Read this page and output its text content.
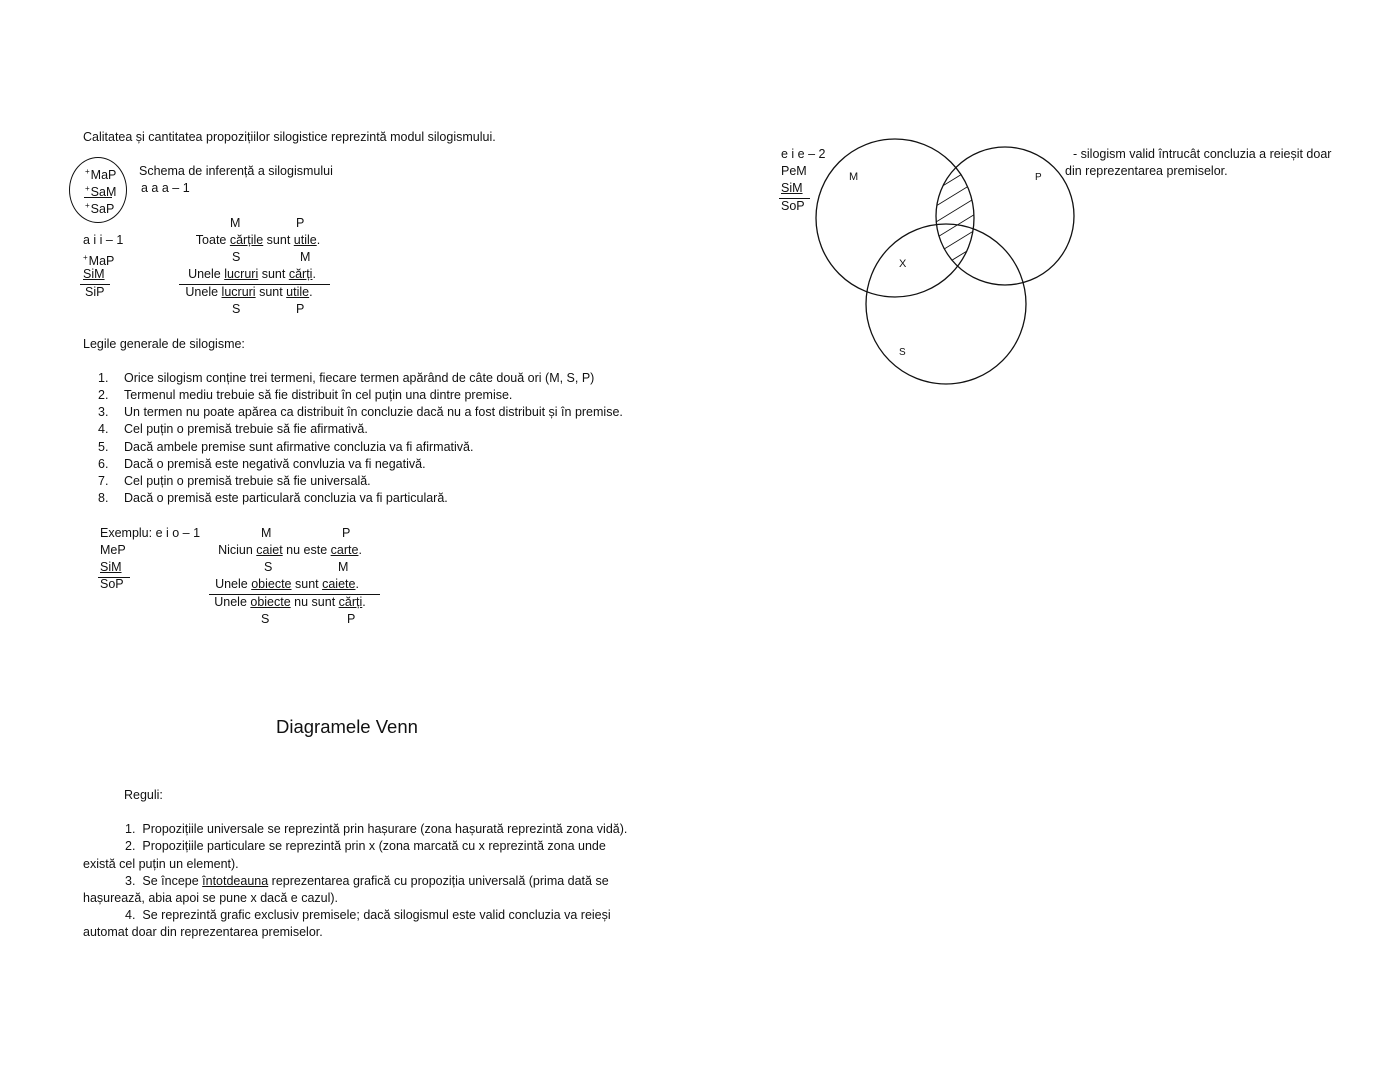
Calitatea și cantitatea propozițiilor silogistice reprezintă modul silogismului.
+MaP
+SaM
+SaP
Schema de inferență a silogismului
a a a – 1
a i i – 1
+MaP
SiM
SiP
M	P
Toate cărțile sunt utile.
S	M
Unele lucruri sunt cărți.
Unele lucruri sunt utile.
S	P
Legile generale de silogisme:
1. Orice silogism conține trei termeni, fiecare termen apărând de câte două ori (M, S, P)
2. Termenul mediu trebuie să fie distribuit în cel puțin una dintre premise.
3. Un termen nu poate apărea ca distribuit în concluzie dacă nu a fost distribuit și în premise.
4. Cel puțin o premisă trebuie să fie afirmativă.
5. Dacă ambele premise sunt afirmative concluzia va fi afirmativă.
6. Dacă o premisă este negativă convluzia va fi negativă.
7. Cel puțin o premisă trebuie să fie universală.
8. Dacă o premisă este particulară concluzia va fi particulară.
Exemplu: e i o – 1
MeP
SiM
SoP
M	P
Niciun caiet nu este carte.
S	M
Unele obiecte sunt caiete.
Unele obiecte nu sunt cărți.
S	P
Diagramele Venn
Reguli:
1. Propozițiile universale se reprezintă prin hașurare (zona hașurată reprezintă zona vidă).
2. Propozițiile particulare se reprezintă prin x (zona marcată cu x reprezintă zona unde
există cel puțin un element).
3. Se începe întotdeauna reprezentarea grafică cu propoziția universală (prima dată se
hașurează, abia apoi se pune x dacă e cazul).
4. Se reprezintă grafic exclusiv premisele; dacă silogismul este valid concluzia va reieși
automat doar din reprezentarea premiselor.
e i e – 2
PeM
SiM
SoP
M	P
X
S
- silogism valid întrucât concluzia a reieșit doar
din reprezentarea premiselor.
